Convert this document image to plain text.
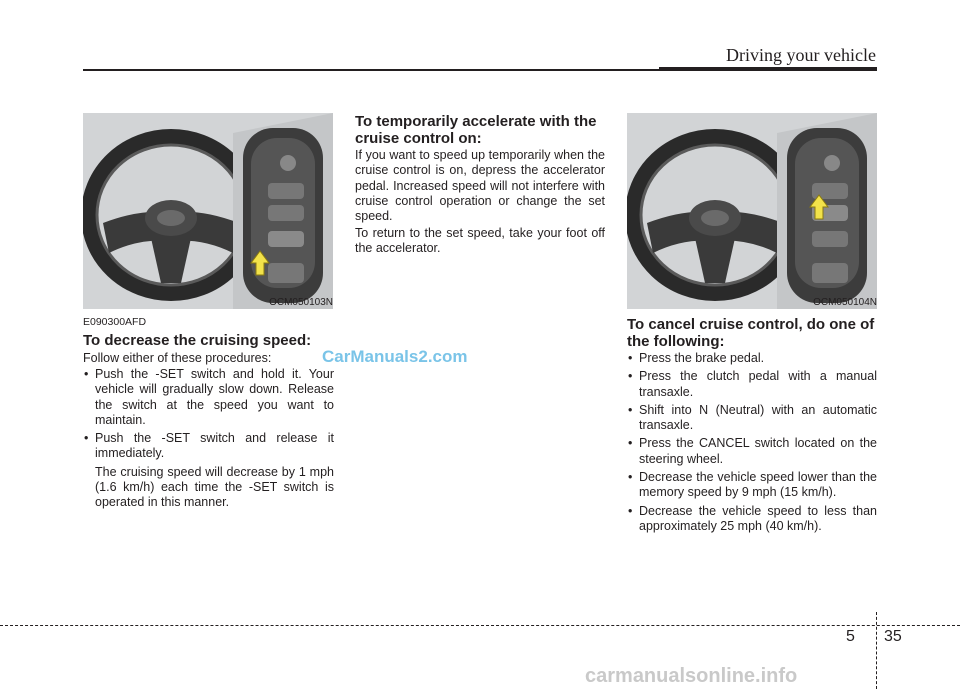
Driving your vehicle
OCM050103N
E090300AFD
To decrease the cruising speed:

Follow either of these procedures:

• Push the -SET switch and hold it. Your vehicle will gradually slow down. Release the switch at the speed you want to maintain.
• Push the -SET switch and release it immediately.
The cruising speed will decrease by 1 mph (1.6 km/h) each time the -SET switch is operated in this manner.
CarManuals2.com
To temporarily accelerate with the cruise control on:

If you want to speed up temporarily when the cruise control is on, depress the accelerator pedal. Increased speed will not interfere with cruise control operation or change the set speed.

To return to the set speed, take your foot off the accelerator.

OCM050104N
To cancel cruise control, do one of the following:
• Press the brake pedal.
• Press the clutch pedal with a manual transaxle.
• Shift into N (Neutral) with an automatic transaxle.
• Press the CANCEL switch located on the steering wheel.
• Decrease the vehicle speed lower than the memory speed by 9 mph (15 km/h).
• Decrease the vehicle speed to less than approximately 25 mph (40 km/h).
5 35
carmanualsonline.info
